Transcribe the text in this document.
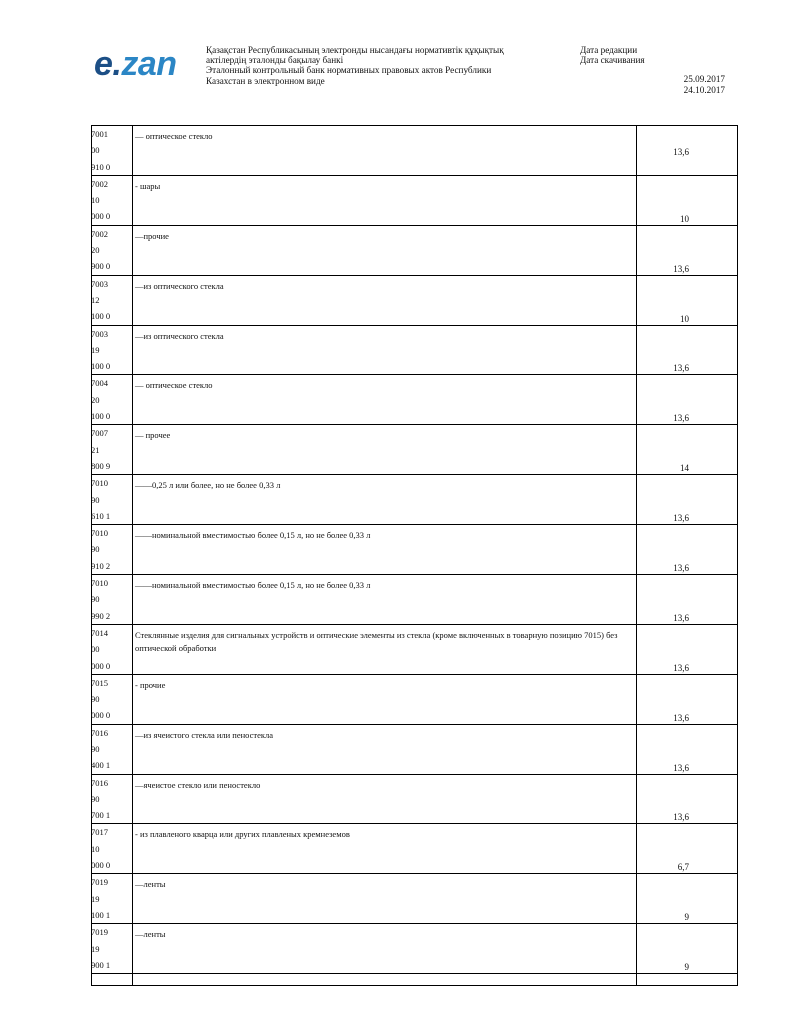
e.zan	Қазақстан Республикасының электронды нысандағы нормативтік құқықтық
актілердің эталонды бақылау банкі
Эталонный контрольный банк нормативных правовых актов Республики
Казахстан в электронном виде
Дата редакции
Дата скачивания
25.09.2017
24.10.2017
7001
00
910 0	— оптическое стекло	13,6

7002
10
000 0	- шары	10

7002
20
900 0	—прочие	13,6

7003
12
100 0	—из оптического стекла	10

7003
19
100 0	—из оптического стекла	13,6

7004
20
100 0	— оптическое стекло	13,6

7007
21
800 9	— прочее	14

7010
90
610 1	——0,25 л или более, но не более 0,33 л	13,6

7010
90
910 2	——номинальной вместимостью более 0,15 л, но не более 0,33 л	13,6

7010
90
990 2	——номинальной вместимостью более 0,15 л, но не более 0,33 л	13,6

7014
00
000 0	Стеклянные изделия для сигнальных устройств и оптические элементы из стекла (кроме включенных в товарную позицию 7015) без оптической обработки	13,6

7015
90
000 0	- прочие	13,6

7016
90
400 1	—из ячеистого стекла или пеностекла	13,6

7016
90
700 1	—ячеистое стекло или пеностекло	13,6

7017
10
000 0	- из плавленого кварца или других плавленых кремнеземов	6,7

7019
19
100 1	—ленты	9

7019
19
900 1	—ленты	9
